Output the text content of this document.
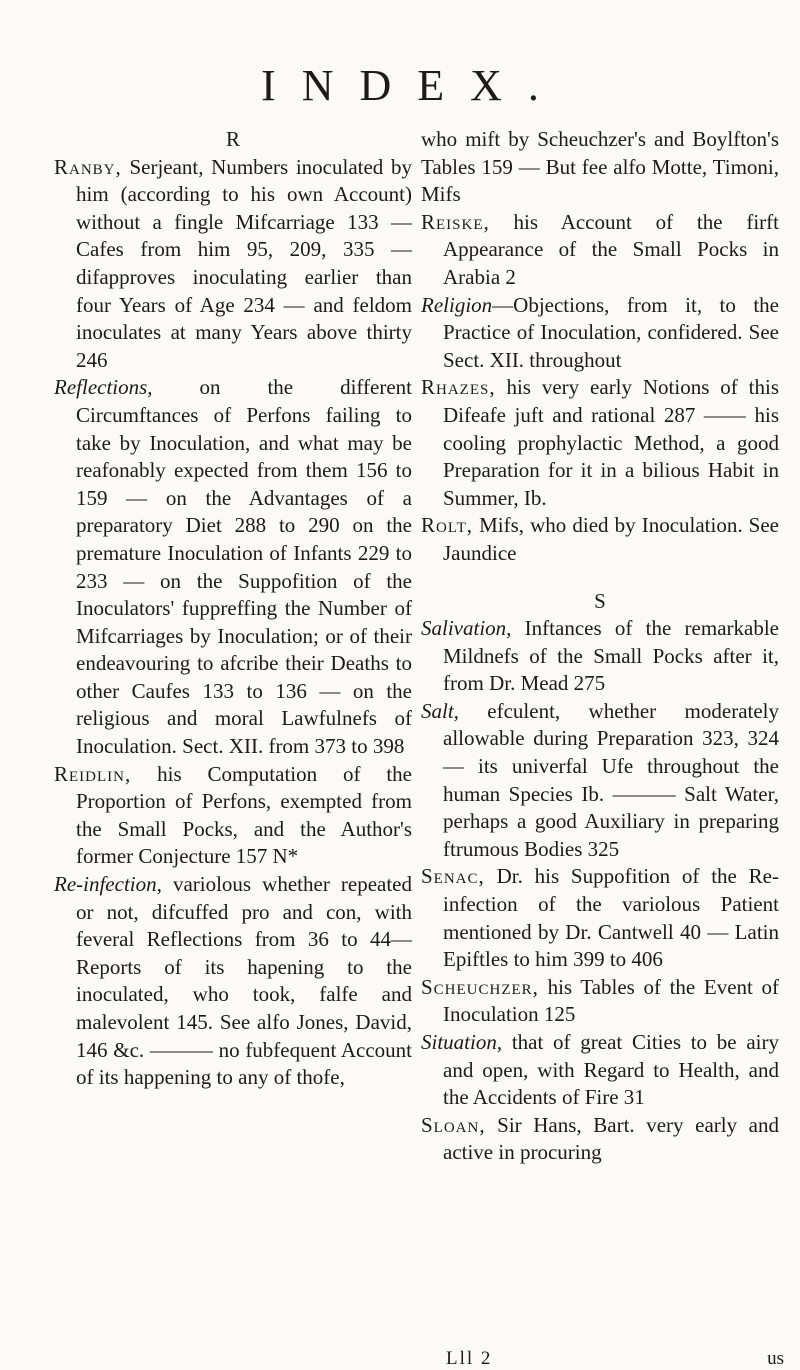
INDEX.

R

Ranby, Serjeant, Numbers inoculated by him (according to his own Account) without a fingle Mifcarriage 133 — Cafes from him 95, 209, 335 — difapproves inoculating earlier than four Years of Age 234 — and feldom inoculates at many Years above thirty 246

Reflections, on the different Circumftances of Perfons failing to take by Inoculation, and what may be reafonably expected from them 156 to 159 — on the Advantages of a preparatory Diet 288 to 290 on the premature Inoculation of Infants 229 to 233 — on the Suppofition of the Inoculators' fuppreffing the Number of Mifcarriages by Inoculation; or of their endeavouring to afcribe their Deaths to other Caufes 133 to 136 — on the religious and moral Lawfulnefs of Inoculation. Sect. XII. from 373 to 398

Reidlin, his Computation of the Proportion of Perfons, exempted from the Small Pocks, and the Author's former Conjecture 157 N*

Re-infection, variolous whether repeated or not, difcuffed pro and con, with feveral Reflections from 36 to 44—Reports of its hapening to the inoculated, who took, falfe and malevolent 145. See alfo Jones, David, 146 &c. ——— no fubfequent Account of its happening to any of thofe,

who mift by Scheuchzer's and Boylfton's Tables 159 — But fee alfo Motte, Timoni, Mifs

Reiske, his Account of the firft Appearance of the Small Pocks in Arabia 2

Religion—Objections, from it, to the Practice of Inoculation, confidered. See Sect. XII. throughout

Rhazes, his very early Notions of this Difeafe juft and rational 287 —— his cooling prophylactic Method, a good Preparation for it in a bilious Habit in Summer, Ib.

Rolt, Mifs, who died by Inoculation. See Jaundice

S

Salivation, Inftances of the remarkable Mildnefs of the Small Pocks after it, from Dr. Mead 275

Salt, efculent, whether moderately allowable during Preparation 323, 324— its univerfal Ufe throughout the human Species Ib. ——— Salt Water, perhaps a good Auxiliary in preparing ftrumous Bodies 325

Senac, Dr. his Suppofition of the Re-infection of the variolous Patient mentioned by Dr. Cantwell 40 — Latin Epiftles to him 399 to 406

Scheuchzer, his Tables of the Event of Inoculation 125

Situation, that of great Cities to be airy and open, with Regard to Health, and the Accidents of Fire 31

Sloan, Sir Hans, Bart. very early and active in procuring

Lll 2	us
